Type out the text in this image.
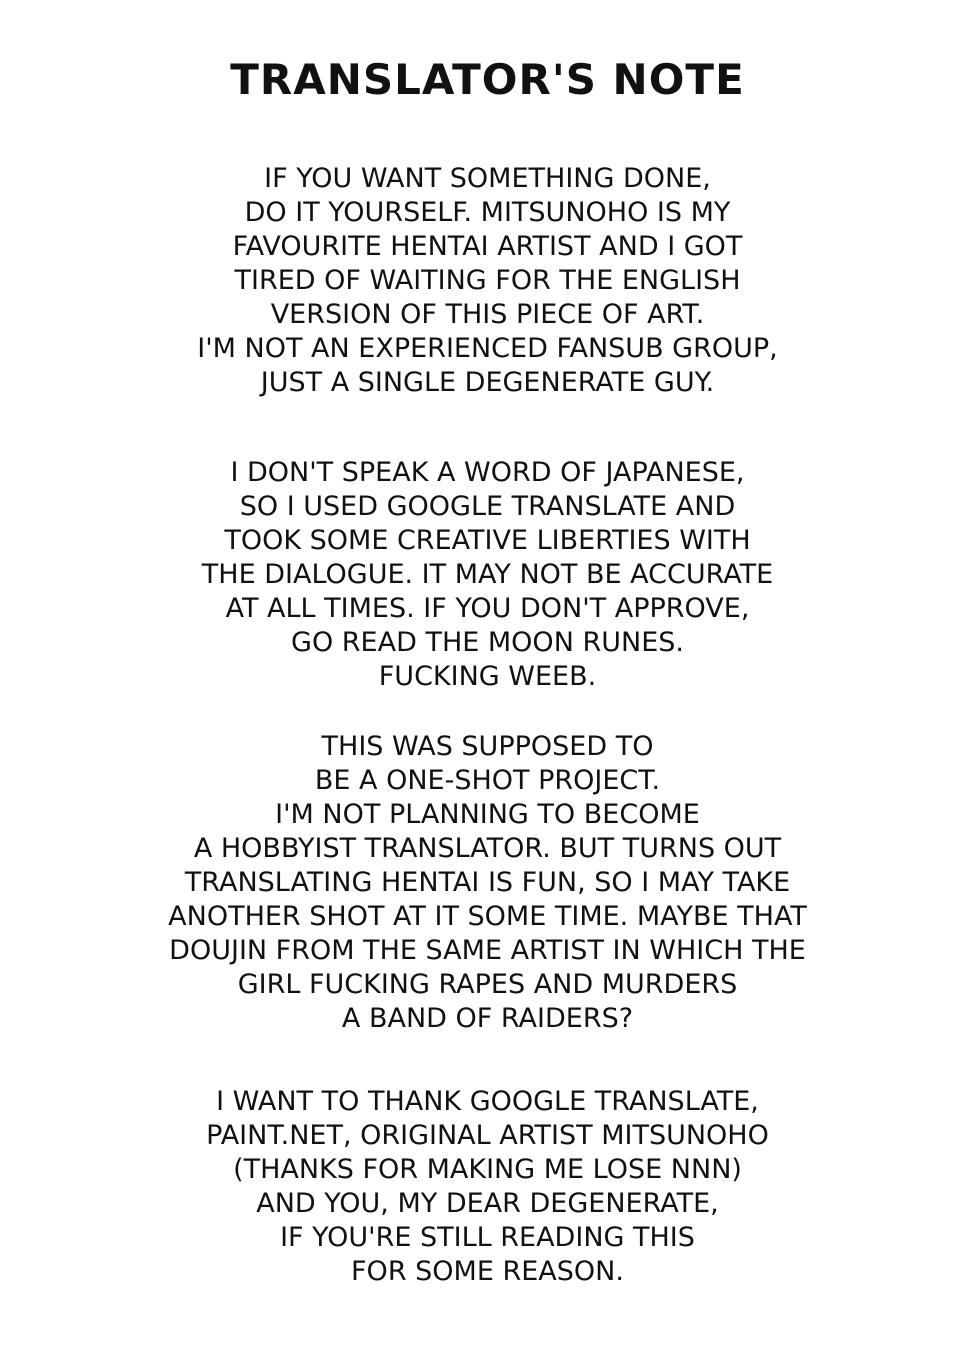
TRANSLATOR'S NOTE
IF YOU WANT SOMETHING DONE,
DO IT YOURSELF. MITSUNOHO IS MY
FAVOURITE HENTAI ARTIST AND I GOT
TIRED OF WAITING FOR THE ENGLISH
VERSION OF THIS PIECE OF ART.
I'M NOT AN EXPERIENCED FANSUB GROUP,
JUST A SINGLE DEGENERATE GUY.
I DON'T SPEAK A WORD OF JAPANESE,
SO I USED GOOGLE TRANSLATE AND
TOOK SOME CREATIVE LIBERTIES WITH
THE DIALOGUE. IT MAY NOT BE ACCURATE
AT ALL TIMES. IF YOU DON'T APPROVE,
GO READ THE MOON RUNES.
FUCKING WEEB.
THIS WAS SUPPOSED TO
BE A ONE-SHOT PROJECT.
I'M NOT PLANNING TO BECOME
A HOBBYIST TRANSLATOR. BUT TURNS OUT
TRANSLATING HENTAI IS FUN, SO I MAY TAKE
ANOTHER SHOT AT IT SOME TIME. MAYBE THAT
DOUJIN FROM THE SAME ARTIST IN WHICH THE
GIRL FUCKING RAPES AND MURDERS
A BAND OF RAIDERS?
I WANT TO THANK GOOGLE TRANSLATE,
PAINT.NET, ORIGINAL ARTIST MITSUNOHO
(THANKS FOR MAKING ME LOSE NNN)
AND YOU, MY DEAR DEGENERATE,
IF YOU'RE STILL READING THIS
FOR SOME REASON.
